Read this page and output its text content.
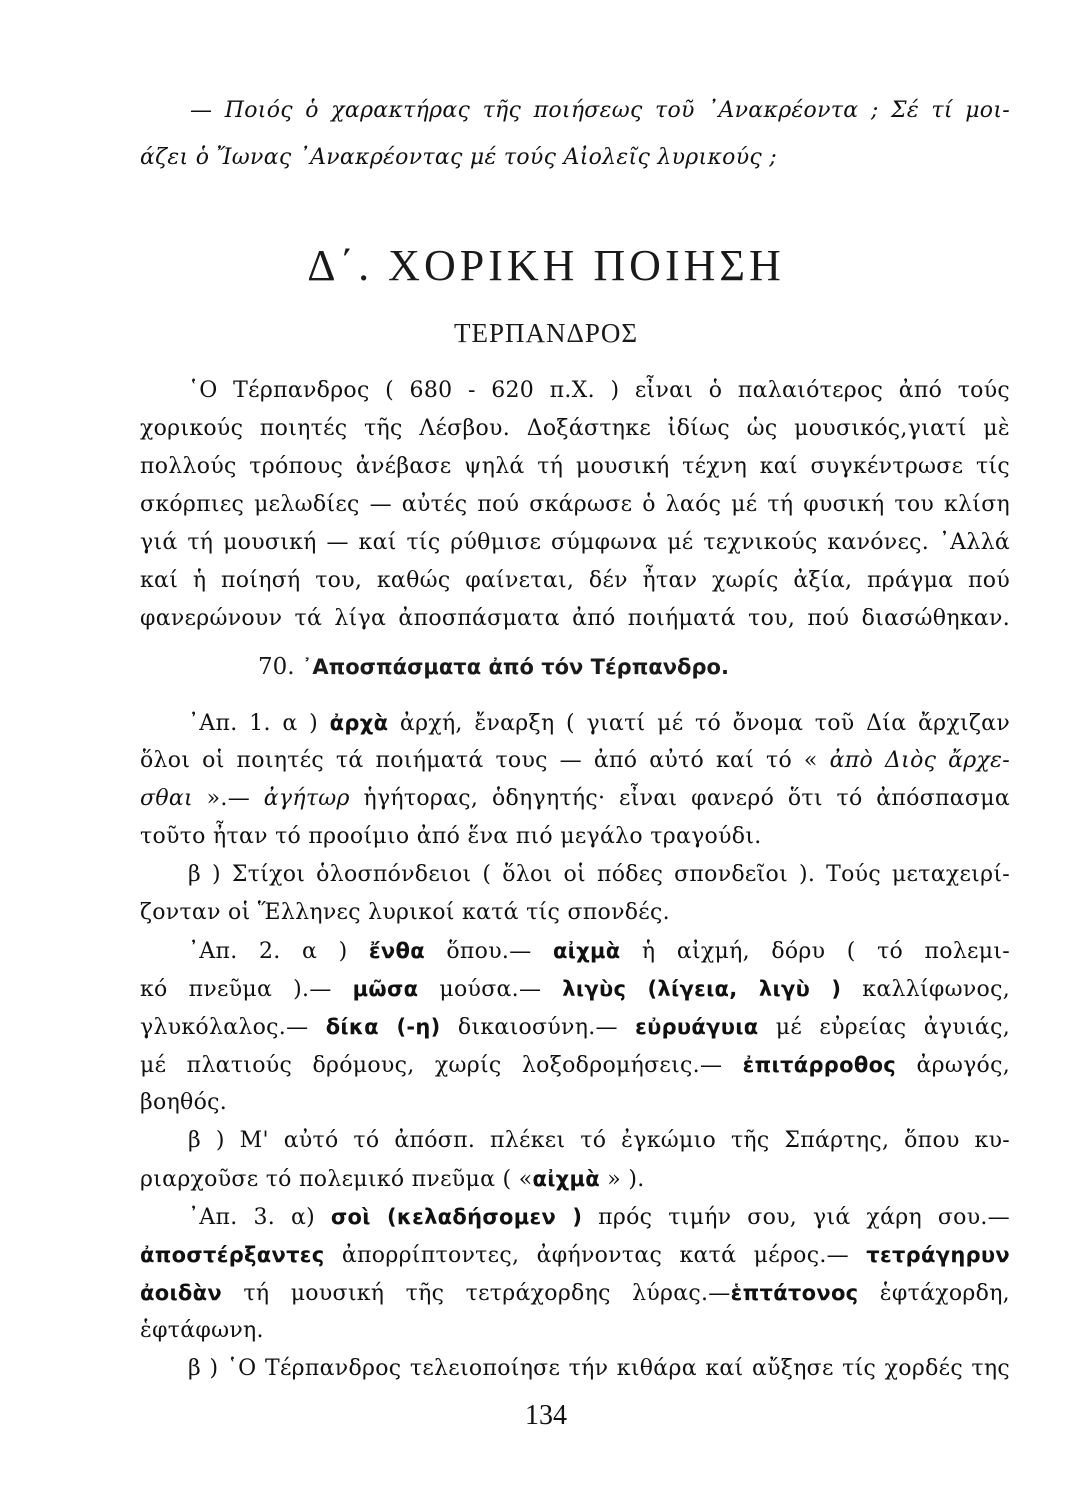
— Ποιός ὁ χαρακτήρας τῆς ποιήσεως τοῦ ᾿Ανακρέοντα ; Σέ τί μοι-
άζει ὁ Ἴωνας ᾿Ανακρέοντας μέ τούς Αἰολεῖς λυρικούς ;
Δ΄. ΧΟΡΙΚΗ ΠΟΙΗΣΗ
ΤΕΡΠΑΝΔΡΟΣ
῾Ο Τέρπανδρος ( 680 - 620 π.Χ. ) εἶναι ὁ παλαιότερος ἀπό τούς
χορικούς ποιητές τῆς Λέσβου. Δοξάστηκε ἰδίως ὡς μουσικός,γιατί μὲ
πολλούς τρόπους ἀνέβασε ψηλά τή μουσική τέχνη καί συγκέντρωσε τίς
σκόρπιες μελωδίες — αὐτές πού σκάρωσε ὁ λαός μέ τή φυσική του κλίση
γιά τή μουσική — καί τίς ρύθμισε σύμφωνα μέ τεχνικούς κανόνες. ᾿Αλλά
καί ἡ ποίησή του, καθώς φαίνεται, δέν ἦταν χωρίς ἀξία, πράγμα πού
φανερώνουν τά λίγα ἀποσπάσματα ἀπό ποιήματά του, πού διασώθηκαν.
70. ᾿Αποσπάσματα ἀπό τόν Τέρπανδρο.
᾿Απ. 1. α ) ἀρχὰ ἀρχή, ἔναρξη ( γιατί μέ τό ὄνομα τοῦ Δία ἄρχιζαν
ὅλοι οἱ ποιητές τά ποιήματά τους — ἀπό αὐτό καί τό « ἀπὸ Διὸς ἄρχε-
σθαι ».— ἀγήτωρ ἡγήτορας, ὁδηγητής· εἶναι φανερό ὅτι τό ἀπόσπασμα
τοῦτο ἦταν τό προοίμιο ἀπό ἕνα πιό μεγάλο τραγούδι.
β ) Στίχοι ὁλοσπόνδειοι ( ὅλοι οἱ πόδες σπονδεῖοι ). Τούς μεταχειρί-
ζονταν οἱ Ἕλληνες λυρικοί κατά τίς σπονδές.
᾿Απ. 2. α ) ἔνθα ὅπου.— αἰχμὰ ἡ αἰχμή, δόρυ ( τό πολεμι-
κό πνεῦμα ).— μῶσα μούσα.— λιγὺς (λίγεια, λιγὺ ) καλλίφωνος,
γλυκόλαλος.— δίκα (-η) δικαιοσύνη.— εὐρυάγυια μέ εὐρείας ἀγυιάς,
μέ πλατιούς δρόμους, χωρίς λοξοδρομήσεις.— ἐπιτάρροθος ἀρωγός,
βοηθός.
β ) Μ' αὐτό τό ἀπόσπ. πλέκει τό ἐγκώμιο τῆς Σπάρτης, ὅπου κυ-
ριαρχοῦσε τό πολεμικό πνεῦμα ( «αἰχμὰ » ).
᾿Απ. 3. α) σοὶ (κελαδήσομεν ) πρός τιμήν σου, γιά χάρη σου.—
ἀποστέρξαντες ἀπορρίπτοντες, ἀφήνοντας κατά μέρος.— τετράγηρυν
ἀοιδὰν τή μουσική τῆς τετράχορδης λύρας.—ἑπτάτονος ἑφτάχορδη,
ἑφτάφωνη.
134
β ) ῾Ο Τέρπανδρος τελειοποίησε τήν κιθάρα καί αὔξησε τίς χορδές της
